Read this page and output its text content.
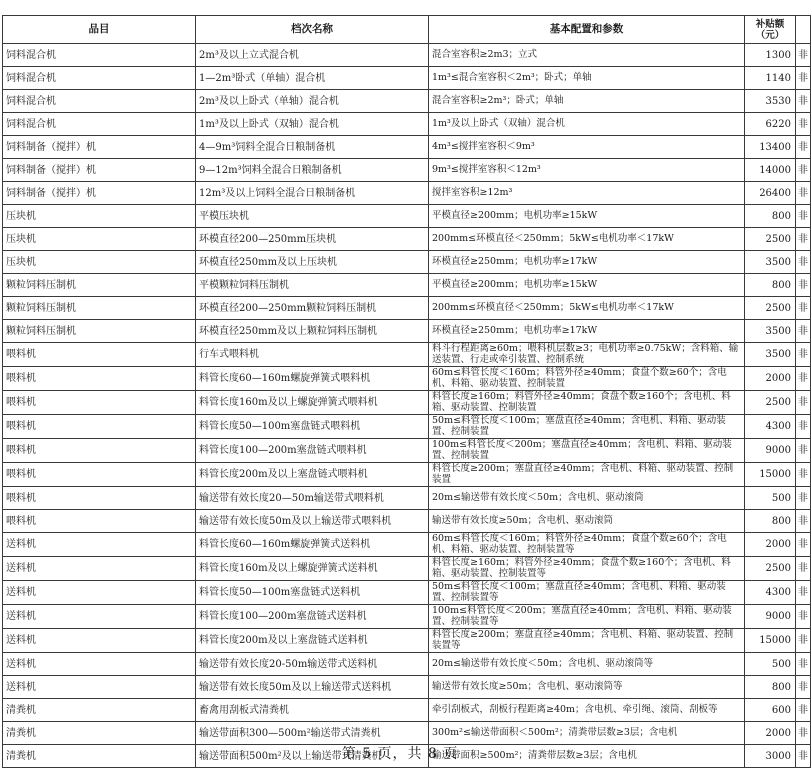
品目	档次名称	基本配置和参数	补贴额（元）	
饲料混合机	2m³及以上立式混合机	混合室容积≥2m3；立式	1300	非
饲料混合机	1—2m³卧式（单轴）混合机	1m³≤混合室容积＜2m³；卧式；单轴	1140	非
饲料混合机	2m³及以上卧式（单轴）混合机	混合室容积≥2m³；卧式；单轴	3530	非
饲料混合机	1m³及以上卧式（双轴）混合机	1m³及以上卧式（双轴）混合机	6220	非
饲料制备（搅拌）机	4—9m³饲料全混合日粮制备机	4m³≤搅拌室容积＜9m³	13400	非
饲料制备（搅拌）机	9—12m³饲料全混合日粮制备机	9m³≤搅拌室容积＜12m³	14000	非
饲料制备（搅拌）机	12m³及以上饲料全混合日粮制备机	搅拌室容积≥12m³	26400	非
压块机	平模压块机	平模直径≥200mm；电机功率≥15kW	800	非
压块机	环模直径200—250mm压块机	200mm≤环模直径＜250mm；5kW≤电机功率＜17kW	2500	非
压块机	环模直径250mm及以上压块机	环模直径≥250mm；电机功率≥17kW	3500	非
颗粒饲料压制机	平模颗粒饲料压制机	平模直径≥200mm；电机功率≥15kW	800	非
颗粒饲料压制机	环模直径200—250mm颗粒饲料压制机	200mm≤环模直径＜250mm；5kW≤电机功率＜17kW	2500	非
颗粒饲料压制机	环模直径250mm及以上颗粒饲料压制机	环模直径≥250mm；电机功率≥17kW	3500	非
喂料机	行车式喂料机	料斗行程距离≥60m；喂料机层数≥3；电机功率≥0.75kW；含料箱、输送装置、行走或牵引装置、控制系统	3500	非
喂料机	料管长度60—160m螺旋弹簧式喂料机	60m≤料管长度＜160m；料管外径≥40mm；食盘个数≥60个；含电机、料箱、驱动装置、控制装置	2000	非
喂料机	料管长度160m及以上螺旋弹簧式喂料机	料管长度≥160m；料管外径≥40mm；食盘个数≥160个；含电机、料箱、驱动装置、控制装置	2500	非
喂料机	料管长度50—100m塞盘链式喂料机	50m≤料管长度＜100m；塞盘直径≥40mm；含电机、料箱、驱动装置、控制装置	4300	非
喂料机	料管长度100—200m塞盘链式喂料机	100m≤料管长度＜200m；塞盘直径≥40mm；含电机、料箱、驱动装置、控制装置	9000	非
喂料机	料管长度200m及以上塞盘链式喂料机	料管长度≥200m；塞盘直径≥40mm；含电机、料箱、驱动装置、控制装置	15000	非
喂料机	输送带有效长度20—50m输送带式喂料机	20m≤输送带有效长度＜50m；含电机、驱动滚筒	500	非
喂料机	输送带有效长度50m及以上输送带式喂料机	输送带有效长度≥50m；含电机、驱动滚筒	800	非
送料机	料管长度60—160m螺旋弹簧式送料机	60m≤料管长度＜160m；料管外径≥40mm；食盘个数≥60个；含电机、料箱、驱动装置、控制装置等	2000	非
送料机	料管长度160m及以上螺旋弹簧式送料机	料管长度≥160m；料管外径≥40mm；食盘个数≥160个；含电机、料箱、驱动装置、控制装置等	2500	非
送料机	料管长度50—100m塞盘链式送料机	50m≤料管长度＜100m；塞盘直径≥40mm；含电机、料箱、驱动装置、控制装置等	4300	非
送料机	料管长度100—200m塞盘链式送料机	100m≤料管长度＜200m；塞盘直径≥40mm；含电机、料箱、驱动装置、控制装置等	9000	非
送料机	料管长度200m及以上塞盘链式送料机	料管长度≥200m；塞盘直径≥40mm；含电机、料箱、驱动装置、控制装置等	15000	非
送料机	输送带有效长度20-50m输送带式送料机	20m≤输送带有效长度＜50m；含电机、驱动滚筒等	500	非
送料机	输送带有效长度50m及以上输送带式送料机	输送带有效长度≥50m；含电机、驱动滚筒等	800	非
清粪机	畜禽用刮板式清粪机	牵引刮板式，刮板行程距离≥40m；含电机、牵引绳、滚筒、刮板等	600	非
清粪机	输送带面积300—500m²输送带式清粪机	300m²≤输送带面积＜500m²；清粪带层数≥3层；含电机	2000	非
清粪机	输送带面积500m²及以上输送带式清粪机	输送带面积≥500m²；清粪带层数≥3层；含电机	3000	非
第 5 页，共 8 页
